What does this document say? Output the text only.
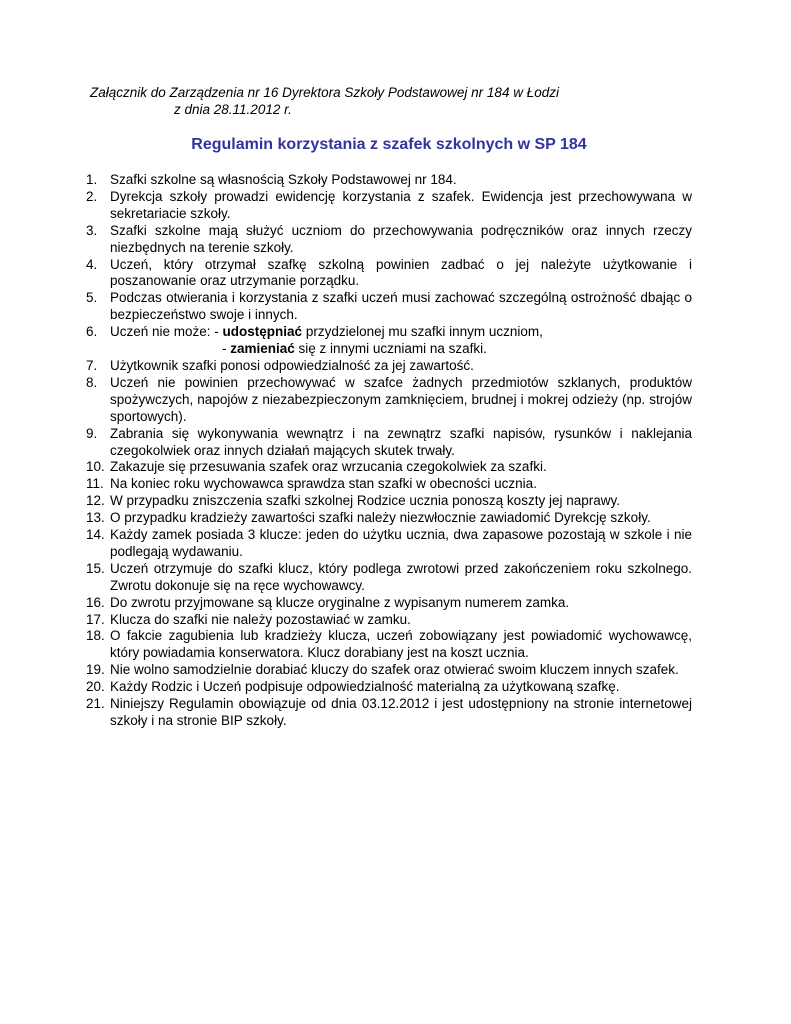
Załącznik do Zarządzenia nr 16 Dyrektora Szkoły Podstawowej nr 184 w Łodzi
z dnia 28.11.2012 r.
Regulamin korzystania z szafek szkolnych w SP 184
1. Szafki szkolne są własnością Szkoły Podstawowej nr 184.
2. Dyrekcja szkoły prowadzi ewidencję korzystania z szafek. Ewidencja jest przechowywana w sekretariacie szkoły.
3. Szafki szkolne mają służyć uczniom do przechowywania podręczników oraz innych rzeczy niezbędnych na terenie szkoły.
4. Uczeń, który otrzymał szafkę szkolną powinien zadbać o jej należyte użytkowanie i poszanowanie oraz utrzymanie porządku.
5. Podczas otwierania i korzystania z szafki uczeń musi zachować szczególną ostrożność dbając o bezpieczeństwo swoje i innych.
6. Uczeń nie może: - udostępniać przydzielonej mu szafki innym uczniom,
- zamieniać się z innymi uczniami na szafki.
7. Użytkownik szafki ponosi odpowiedzialność za jej zawartość.
8. Uczeń nie powinien przechowywać w szafce żadnych przedmiotów szklanych, produktów spożywczych, napojów z niezabezpieczonym zamknięciem, brudnej i mokrej odzieży (np. strojów sportowych).
9. Zabrania się wykonywania wewnątrz i na zewnątrz szafki napisów, rysunków i naklejania czegokolwiek oraz innych działań mających skutek trwały.
10. Zakazuje się przesuwania szafek oraz wrzucania czegokolwiek za szafki.
11. Na koniec roku wychowawca sprawdza stan szafki w obecności ucznia.
12. W przypadku zniszczenia szafki szkolnej Rodzice ucznia ponoszą koszty jej naprawy.
13. O przypadku kradzieży zawartości szafki należy niezwłocznie zawiadomić Dyrekcję szkoły.
14. Każdy zamek posiada 3 klucze: jeden do użytku ucznia, dwa zapasowe pozostają w szkole i nie podlegają wydawaniu.
15. Uczeń otrzymuje do szafki klucz, który podlega zwrotowi przed zakończeniem roku szkolnego. Zwrotu dokonuje się na ręce wychowawcy.
16. Do zwrotu przyjmowane są klucze oryginalne z wypisanym numerem zamka.
17. Klucza do szafki nie należy pozostawiać w zamku.
18. O fakcie zagubienia lub kradzieży klucza, uczeń zobowiązany jest powiadomić wychowawcę, który powiadamia konserwatora. Klucz dorabiany jest na koszt ucznia.
19. Nie wolno samodzielnie dorabiać kluczy do szafek oraz otwierać swoim kluczem innych szafek.
20. Każdy Rodzic i Uczeń podpisuje odpowiedzialność materialną za użytkowaną szafkę.
21. Niniejszy Regulamin obowiązuje od dnia 03.12.2012 i jest udostępniony na stronie internetowej szkoły i na stronie BIP szkoły.
